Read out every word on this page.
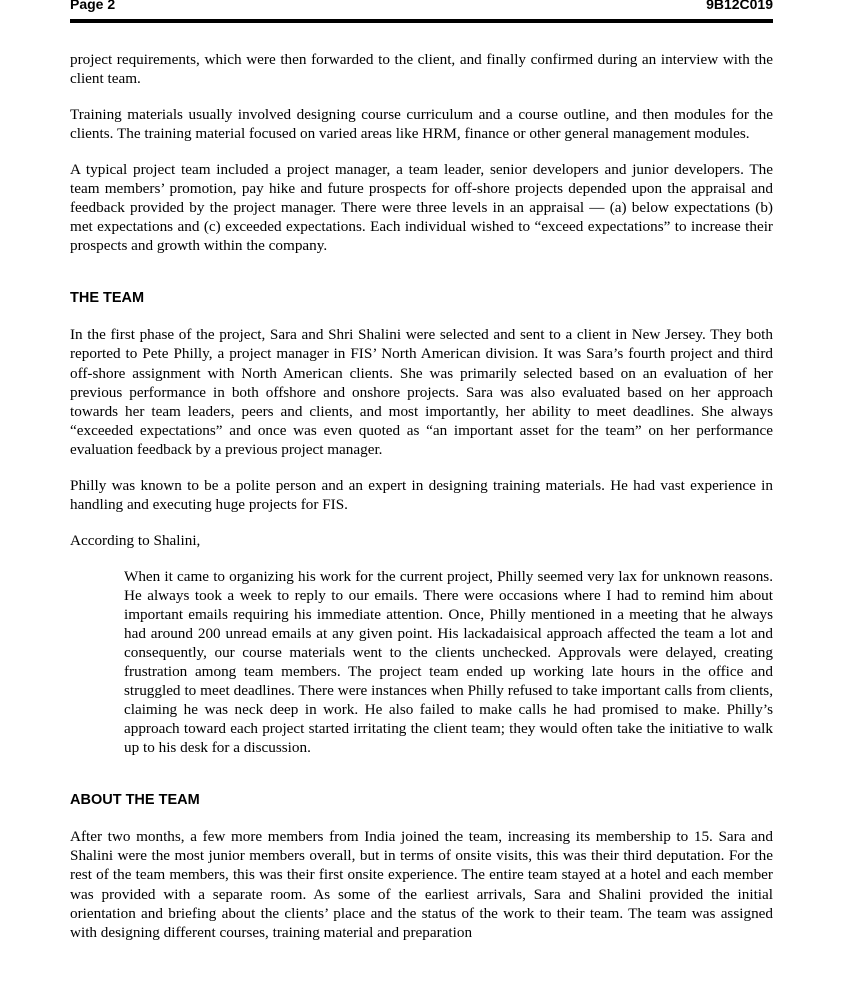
Page 2	9B12C019

project requirements, which were then forwarded to the client, and finally confirmed during an interview with the client team.

Training materials usually involved designing course curriculum and a course outline, and then modules for the clients. The training material focused on varied areas like HRM, finance or other general management modules.

A typical project team included a project manager, a team leader, senior developers and junior developers. The team members’ promotion, pay hike and future prospects for off-shore projects depended upon the appraisal and feedback provided by the project manager. There were three levels in an appraisal — (a) below expectations (b) met expectations and (c) exceeded expectations. Each individual wished to “exceed expectations” to increase their prospects and growth within the company.

THE TEAM

In the first phase of the project, Sara and Shri Shalini were selected and sent to a client in New Jersey. They both reported to Pete Philly, a project manager in FIS’ North American division. It was Sara’s fourth project and third off-shore assignment with North American clients. She was primarily selected based on an evaluation of her previous performance in both offshore and onshore projects. Sara was also evaluated based on her approach towards her team leaders, peers and clients, and most importantly, her ability to meet deadlines. She always “exceeded expectations” and once was even quoted as “an important asset for the team” on her performance evaluation feedback by a previous project manager.

Philly was known to be a polite person and an expert in designing training materials. He had vast experience in handling and executing huge projects for FIS.

According to Shalini,

When it came to organizing his work for the current project, Philly seemed very lax for unknown reasons. He always took a week to reply to our emails. There were occasions where I had to remind him about important emails requiring his immediate attention. Once, Philly mentioned in a meeting that he always had around 200 unread emails at any given point. His lackadaisical approach affected the team a lot and consequently, our course materials went to the clients unchecked. Approvals were delayed, creating frustration among team members. The project team ended up working late hours in the office and struggled to meet deadlines. There were instances when Philly refused to take important calls from clients, claiming he was neck deep in work. He also failed to make calls he had promised to make. Philly’s approach toward each project started irritating the client team; they would often take the initiative to walk up to his desk for a discussion.
ABOUT THE TEAM

After two months, a few more members from India joined the team, increasing its membership to 15. Sara and Shalini were the most junior members overall, but in terms of onsite visits, this was their third deputation. For the rest of the team members, this was their first onsite experience. The entire team stayed at a hotel and each member was provided with a separate room. As some of the earliest arrivals, Sara and Shalini provided the initial orientation and briefing about the clients’ place and the status of the work to their team. The team was assigned with designing different courses, training material and preparation
